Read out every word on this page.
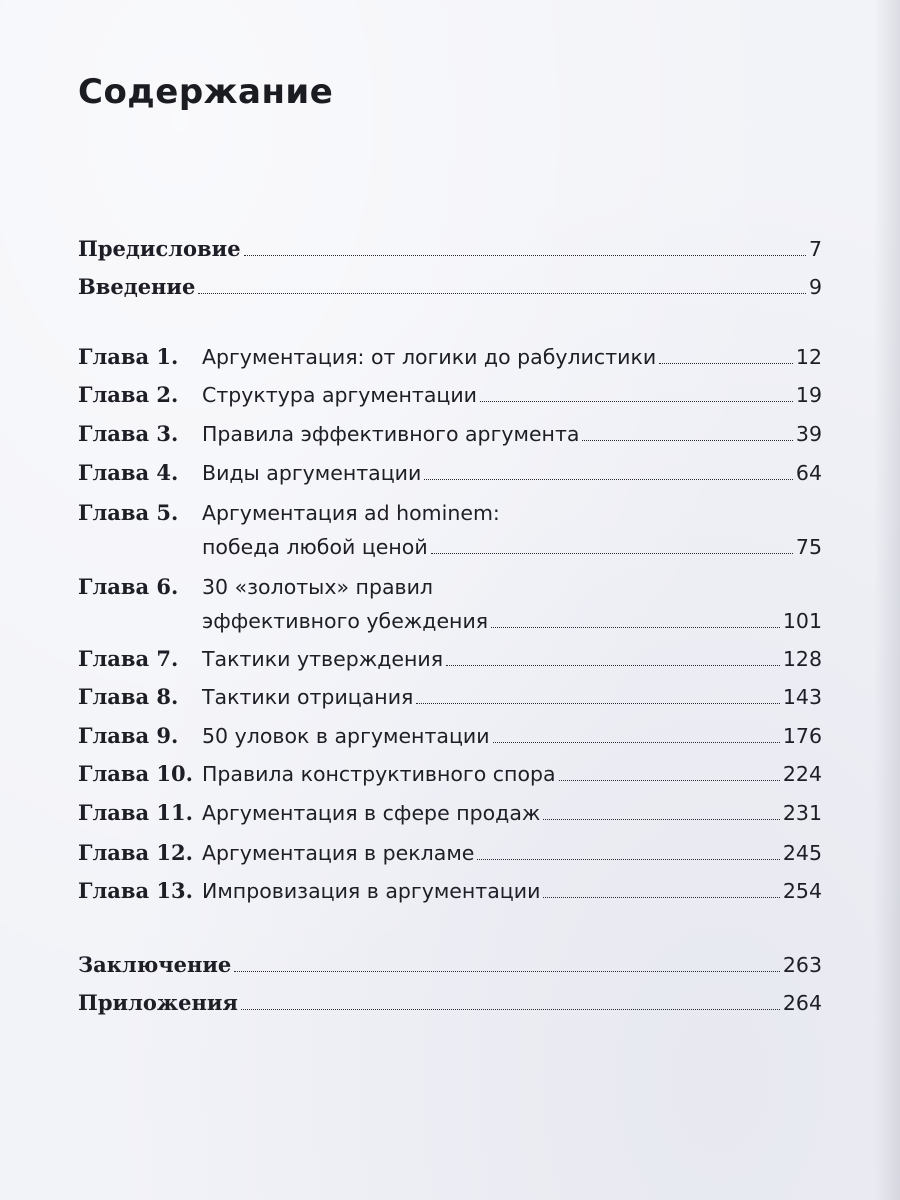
Содержание
Предисловие	7
Введение	9
Глава 1.	Аргументация: от логики до рабулистики	12
Глава 2.	Структура аргументации	19
Глава 3.	Правила эффективного аргумента	39
Глава 4.	Виды аргументации	64
Глава 5.	Аргументация ad hominem:
победа любой ценой	75
Глава 6.	30 «золотых» правил
эффективного убеждения	101
Глава 7.	Тактики утверждения	128
Глава 8.	Тактики отрицания	143
Глава 9.	50 уловок в аргументации	176
Глава 10. Правила конструктивного спора	224
Глава 11. Аргументация в сфере продаж	231
Глава 12. Аргументация в рекламе	245
Глава 13. Импровизация в аргументации	254
Заключение	263
Приложения	264
